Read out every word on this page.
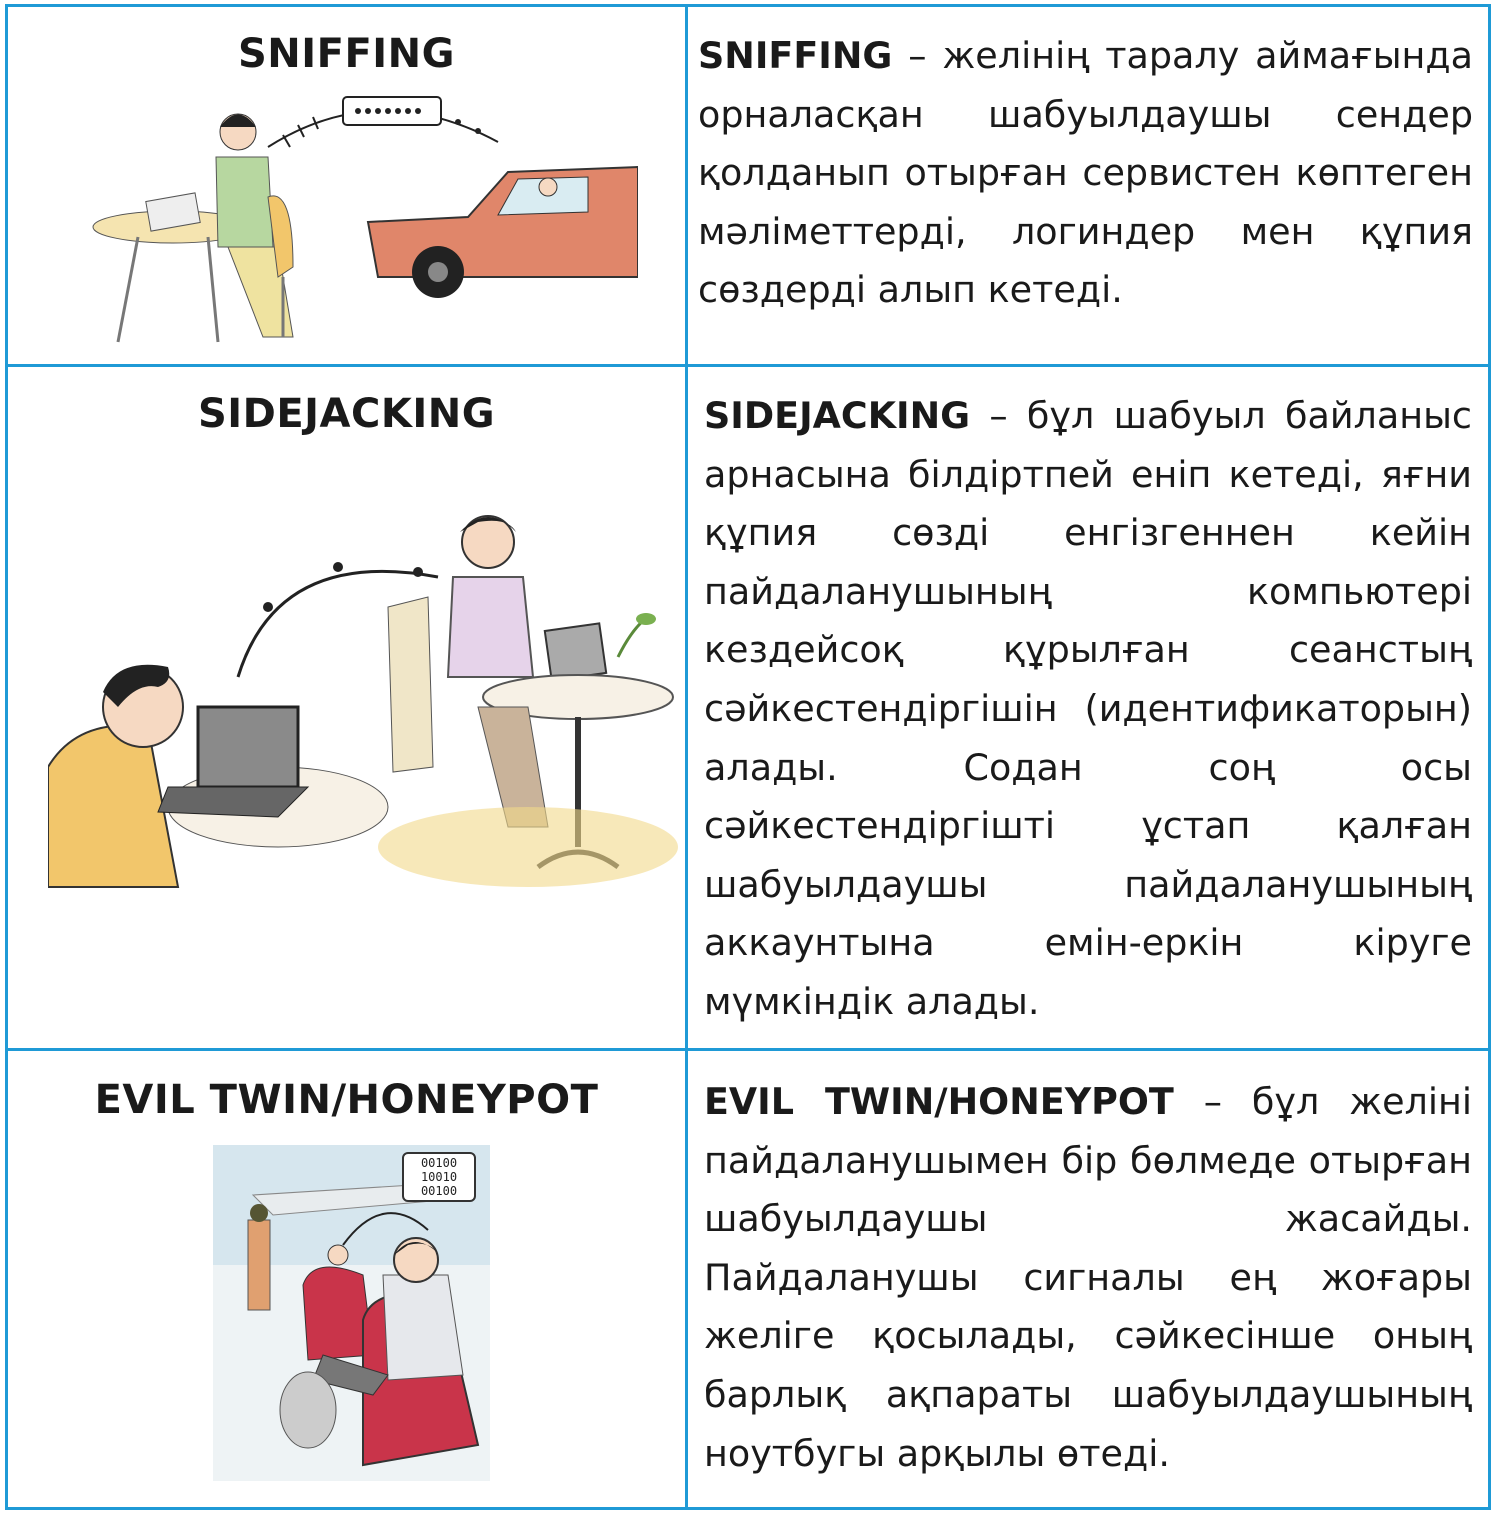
SNIFFING	SNIFFING – желінің таралу аймағында орналасқан шабуылдаушы сендер қолданып отырған сервистен көптеген мәліметтерді, логиндер мен құпия сөздерді алып кетеді.

SIDEJACKING	SIDEJACKING – бұл шабуыл байланыс арнасына білдіртпей еніп кетеді, яғни құпия сөзді енгізгеннен кейін пайдаланушының компьютері кездейсоқ құрылған сеанстың сәйкестендіргішін (идентификаторын) алады. Содан соң осы сәйкестендіргішті ұстап қалған шабуылдаушы пайдаланушының аккаунтына емін-еркін кіруге мүмкіндік алады.

EVIL TWIN/HONEYPOT
00100
10010
00100

EVIL TWIN/HONEYPOT – бұл желіні пайдаланушымен бір бөлмеде отырған шабуылдаушы жасайды. Пайдаланушы сигналы ең жоғары желіге қосылады, сәйкесінше оның барлық ақпараты шабуылдаушының ноутбугы арқылы өтеді.
